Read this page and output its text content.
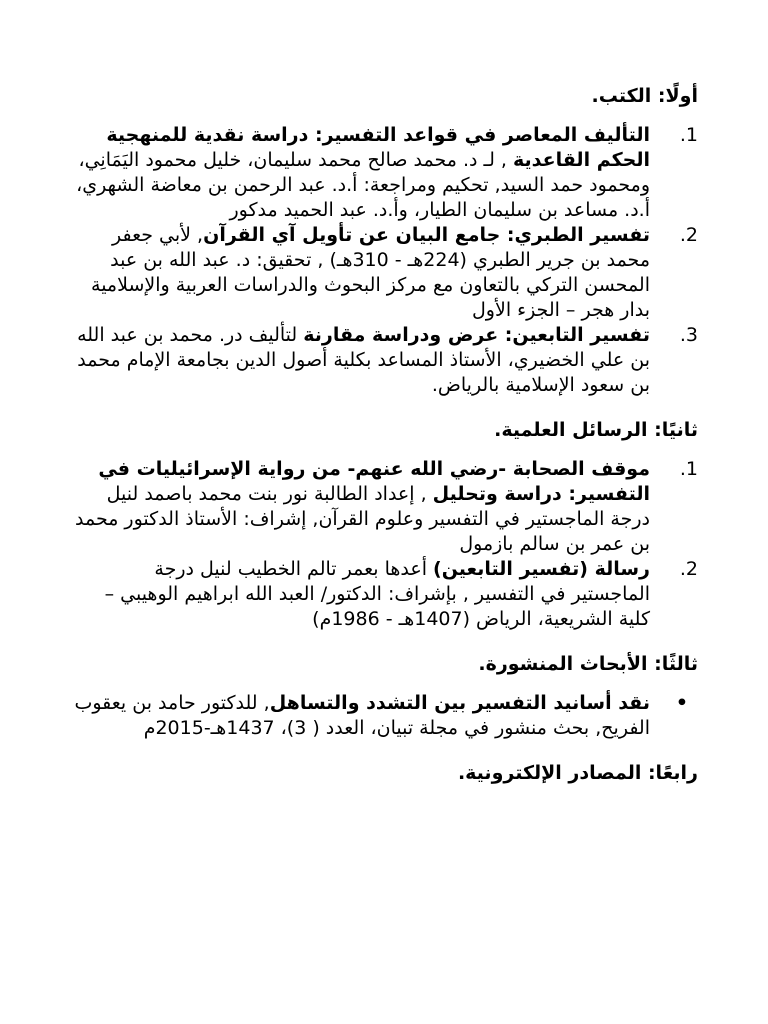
أولًا: الكتب.
1.
التأليف المعاصر في قواعد التفسير: دراسة نقدية للمنهجية الحكم القاعدية , لـ د. محمد صالح محمد سليمان، خليل محمود اليَمَانِي، ومحمود حمد السيد, تحكيم ومراجعة: أ.د. عبد الرحمن بن معاضة الشهري، أ.د. مساعد بن سليمان الطيار، وأ.د. عبد الحميد مدكور
2.
تفسير الطبري: جامع البيان عن تأويل آي القرآن, لأبي جعفر محمد بن جرير الطبري (224هـ - 310هـ) , تحقيق: د. عبد الله بن عبد المحسن التركي بالتعاون مع مركز البحوث والدراسات العربية والإسلامية بدار هجر – الجزء الأول
3.
تفسير التابعين: عرض ودراسة مقارنة لتأليف در. محمد بن عبد الله بن علي الخضيري، الأستاذ المساعد بكلية أصول الدين بجامعة الإمام محمد بن سعود الإسلامية بالرياض.
ثانيًا: الرسائل العلمية.
1.
موقف الصحابة -رضي الله عنهم- من رواية الإسرائيليات في التفسير: دراسة وتحليل , إعداد الطالبة نور بنت محمد باصمد لنيل درجة الماجستير في التفسير وعلوم القرآن, إشراف: الأستاذ الدكتور محمد بن عمر بن سالم بازمول
2.
رسالة (تفسير التابعين) أعدها بعمر تالم الخطيب لنيل درجة الماجستير في التفسير , بإشراف: الدكتور/ العبد الله ابراهيم الوهيبي – كلية الشريعية، الرياض (1407هـ - 1986م)
ثالثًا: الأبحاث المنشورة.
•
نقد أسانيد التفسير بين التشدد والتساهل, للدكتور حامد بن يعقوب الفريح, بحث منشور في مجلة تبيان، العدد ( 3)، 1437هـ-2015م
رابعًا: المصادر الإلكترونية.
